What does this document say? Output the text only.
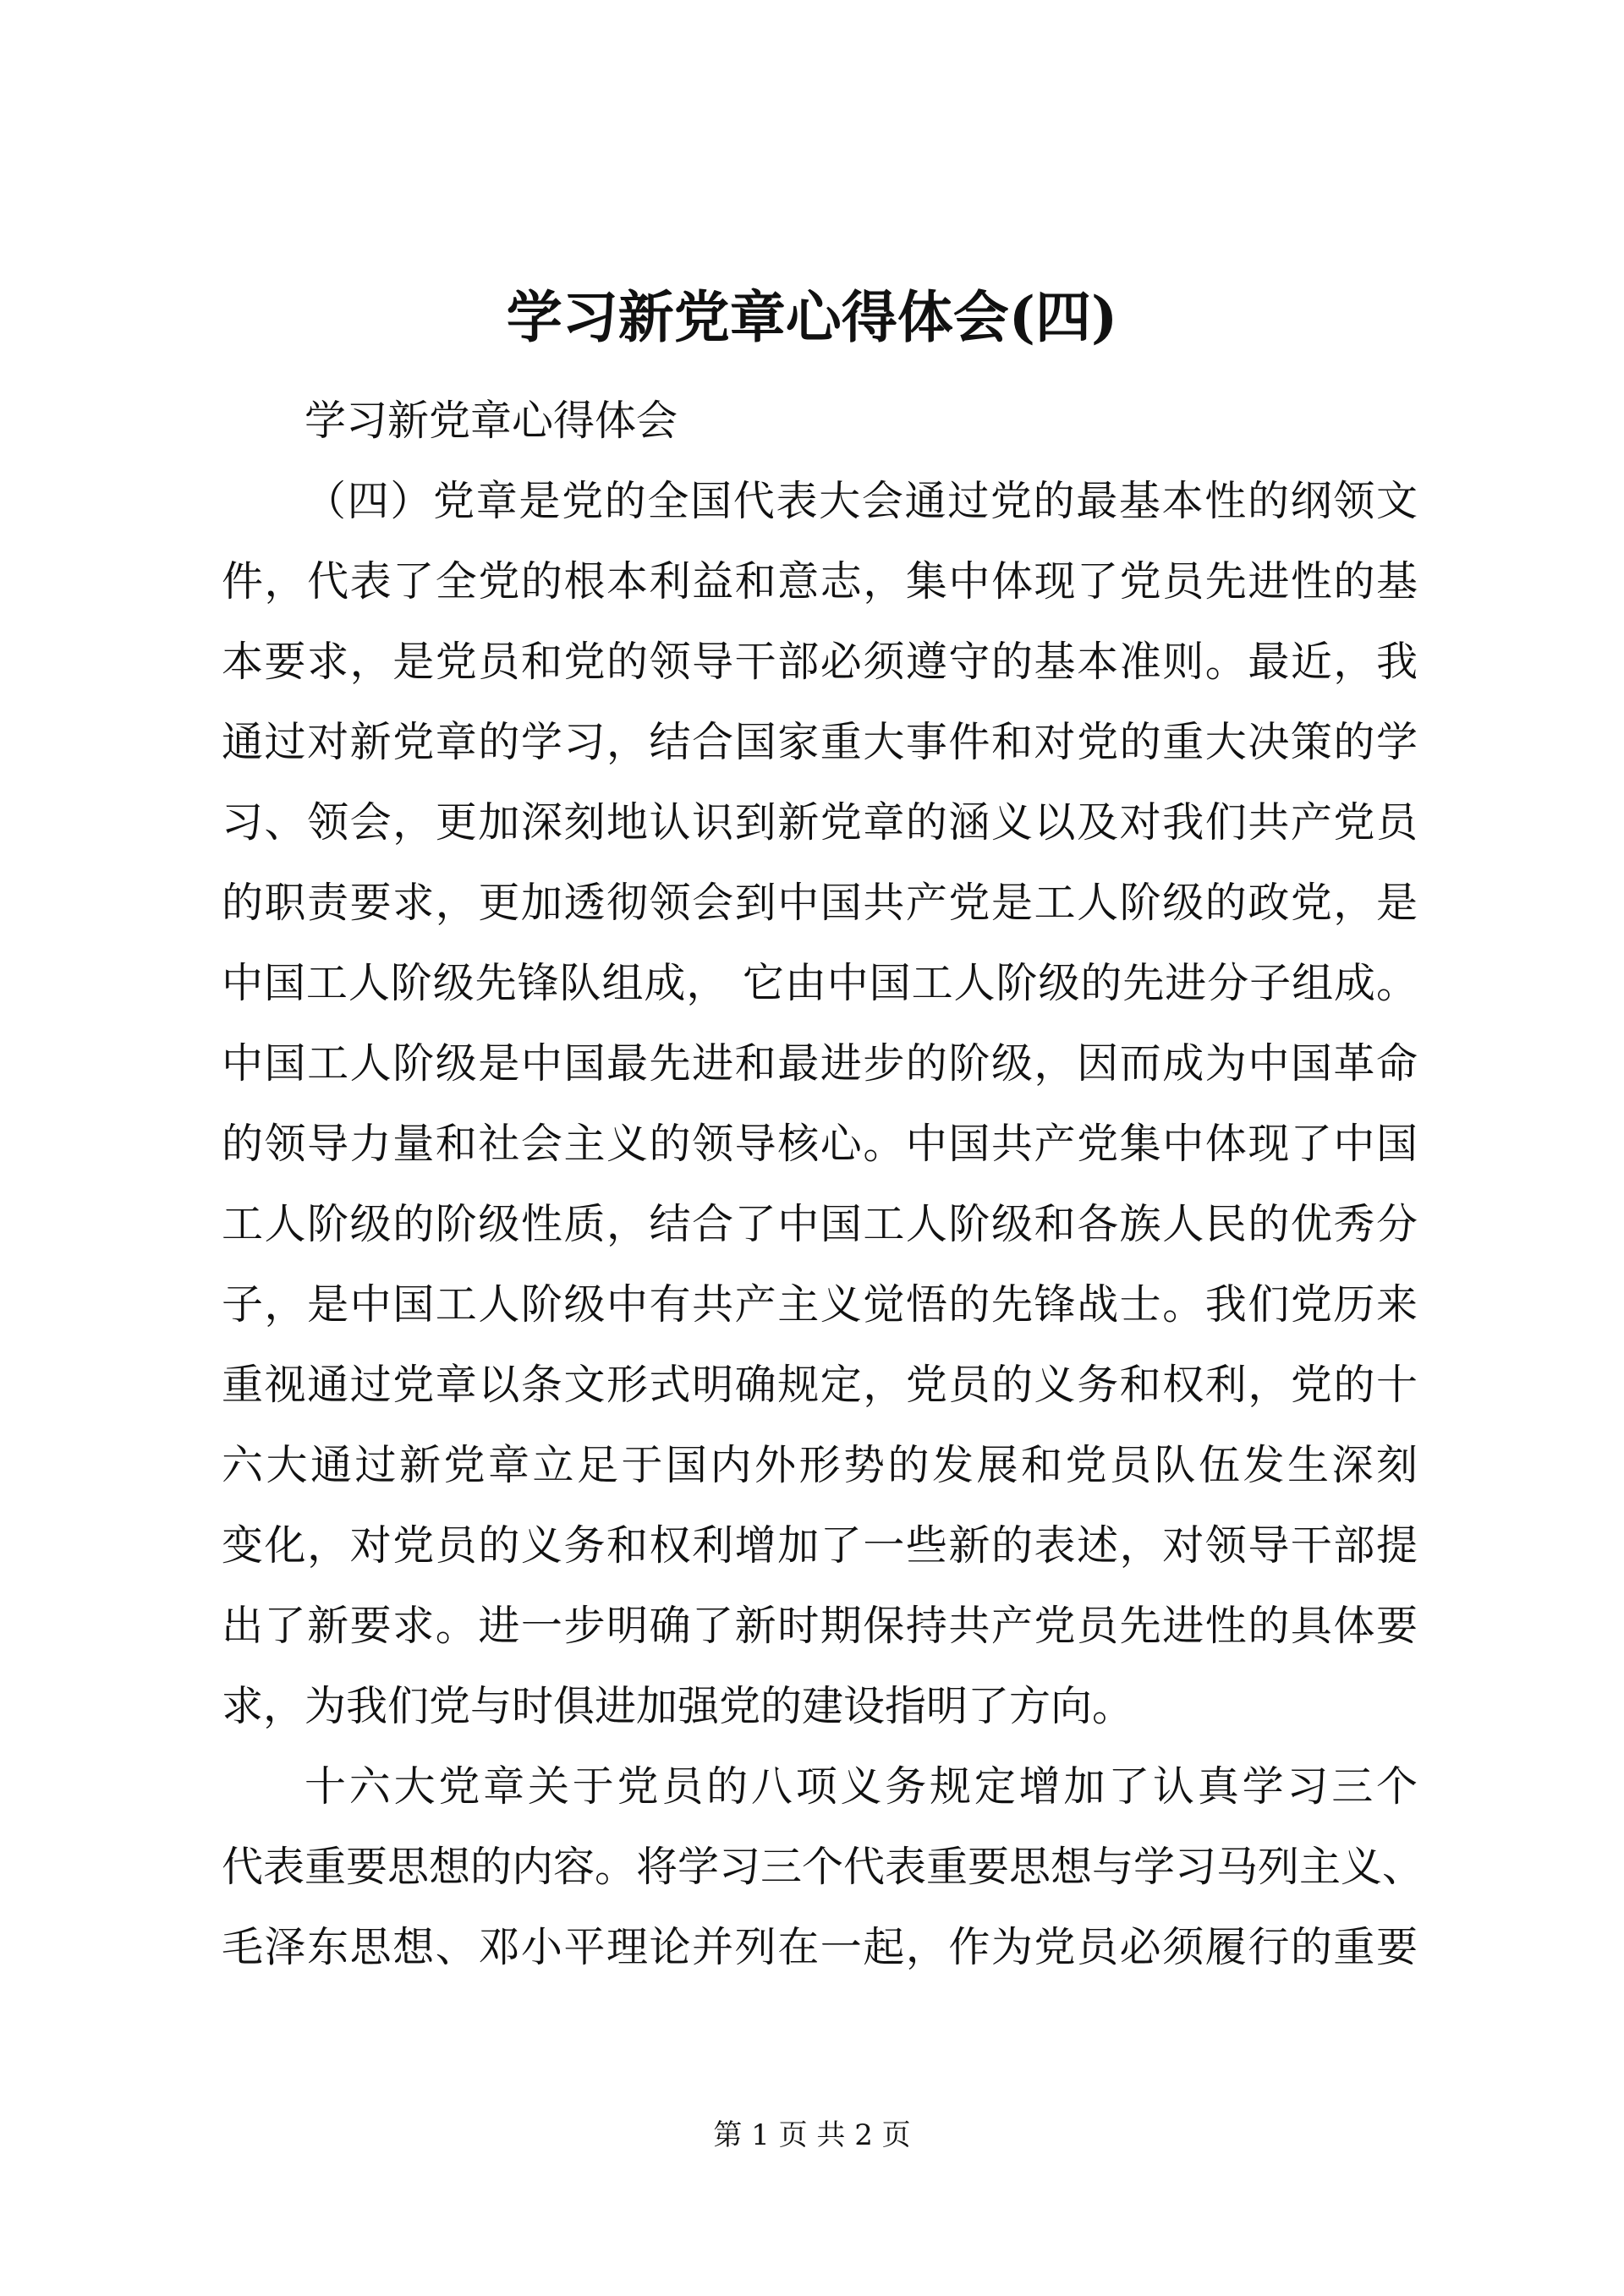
学习新党章心得体会(四)
学习新党章心得体会
（四）党章是党的全国代表大会通过党的最基本性的纲领文
件，代表了全党的根本利益和意志，集中体现了党员先进性的基
本要求，是党员和党的领导干部必须遵守的基本准则。最近，我
通过对新党章的学习，结合国家重大事件和对党的重大决策的学
习、领会，更加深刻地认识到新党章的涵义以及对我们共产党员
的职责要求，更加透彻领会到中国共产党是工人阶级的政党，是
中国工人阶级先锋队组成， 它由中国工人阶级的先进分子组成。
中国工人阶级是中国最先进和最进步的阶级，因而成为中国革命
的领导力量和社会主义的领导核心。中国共产党集中体现了中国
工人阶级的阶级性质，结合了中国工人阶级和各族人民的优秀分
子，是中国工人阶级中有共产主义觉悟的先锋战士。我们党历来
重视通过党章以条文形式明确规定，党员的义务和权利，党的十
六大通过新党章立足于国内外形势的发展和党员队伍发生深刻
变化，对党员的义务和权利增加了一些新的表述，对领导干部提
出了新要求。进一步明确了新时期保持共产党员先进性的具体要
求，为我们党与时俱进加强党的建设指明了方向。
十六大党章关于党员的八项义务规定增加了认真学习三个
代表重要思想的内容。将学习三个代表重要思想与学习马列主义、
毛泽东思想、邓小平理论并列在一起，作为党员必须履行的重要
第 1 页 共 2 页
